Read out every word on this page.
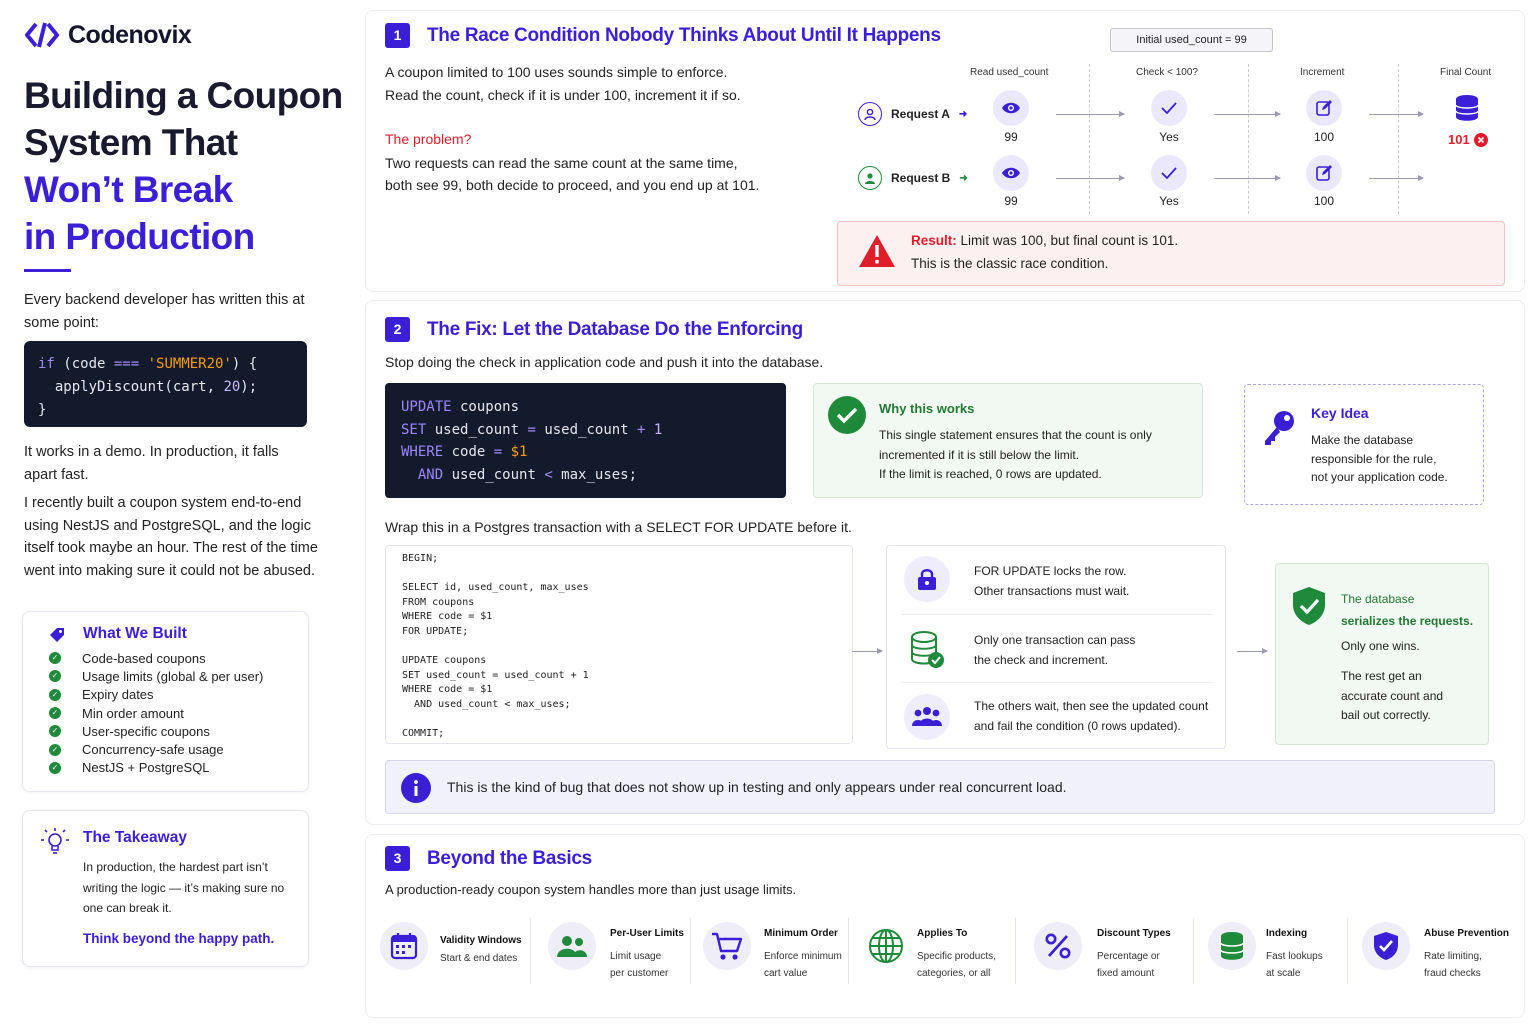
Codenovix
Building a Coupon
System That
Won’t Break
in Production
Every backend developer has written this at some point:
if (code === 'SUMMER20') {
applyDiscount(cart, 20);
}
It works in a demo. In production, it falls apart fast.
I recently built a coupon system end-to-end using NestJS and PostgreSQL, and the logic itself took maybe an hour. The rest of the time went into making sure it could not be abused.
What We Built
✓ Code-based coupons
✓ Usage limits (global & per user)
✓ Expiry dates
✓ Min order amount
✓ User-specific coupons
✓ Concurrency-safe usage
✓ NestJS + PostgreSQL
The Takeaway
In production, the hardest part isn’t writing the logic — it’s making sure no one can break it.
Think beyond the happy path.
1	The Race Condition Nobody Thinks About Until It Happens
A coupon limited to 100 uses sounds simple to enforce.
Read the count, check if it is under 100, increment it if so.
The problem?
Two requests can read the same count at the same time,
both see 99, both decide to proceed, and you end up at 101.
Initial used_count = 99
Read used_count	Check < 100?	Increment	Final Count
Request A ➜
99	Yes	100	101
Request B ➜
99	Yes	100
Result: Limit was 100, but final count is 101.
This is the classic race condition.
2	The Fix: Let the Database Do the Enforcing
Stop doing the check in application code and push it into the database.
UPDATE coupons
SET used_count = used_count + 1
WHERE code = $1
AND used_count < max_uses;
Why this works
This single statement ensures that the count is only
incremented if it is still below the limit.
If the limit is reached, 0 rows are updated.
Key Idea
Make the database
responsible for the rule,
not your application code.
Wrap this in a Postgres transaction with a SELECT FOR UPDATE before it.
BEGIN;

SELECT id, used_count, max_uses
FROM coupons
WHERE code = $1
FOR UPDATE;

UPDATE coupons
SET used_count = used_count + 1
WHERE code = $1
AND used_count < max_uses;

COMMIT;
FOR UPDATE locks the row.
Other transactions must wait.
Only one transaction can pass
the check and increment.
The others wait, then see the updated count
and fail the condition (0 rows updated).
The database
serializes the requests.
Only one wins.
The rest get an
accurate count and
bail out correctly.
This is the kind of bug that does not show up in testing and only appears under real concurrent load.
3	Beyond the Basics
A production-ready coupon system handles more than just usage limits.
Validity Windows
Start & end dates
Per-User Limits
Limit usage
per customer
Minimum Order
Enforce minimum
cart value
Applies To
Specific products,
categories, or all
Discount Types
Percentage or
fixed amount
Indexing
Fast lookups
at scale
Abuse Prevention
Rate limiting,
fraud checks
